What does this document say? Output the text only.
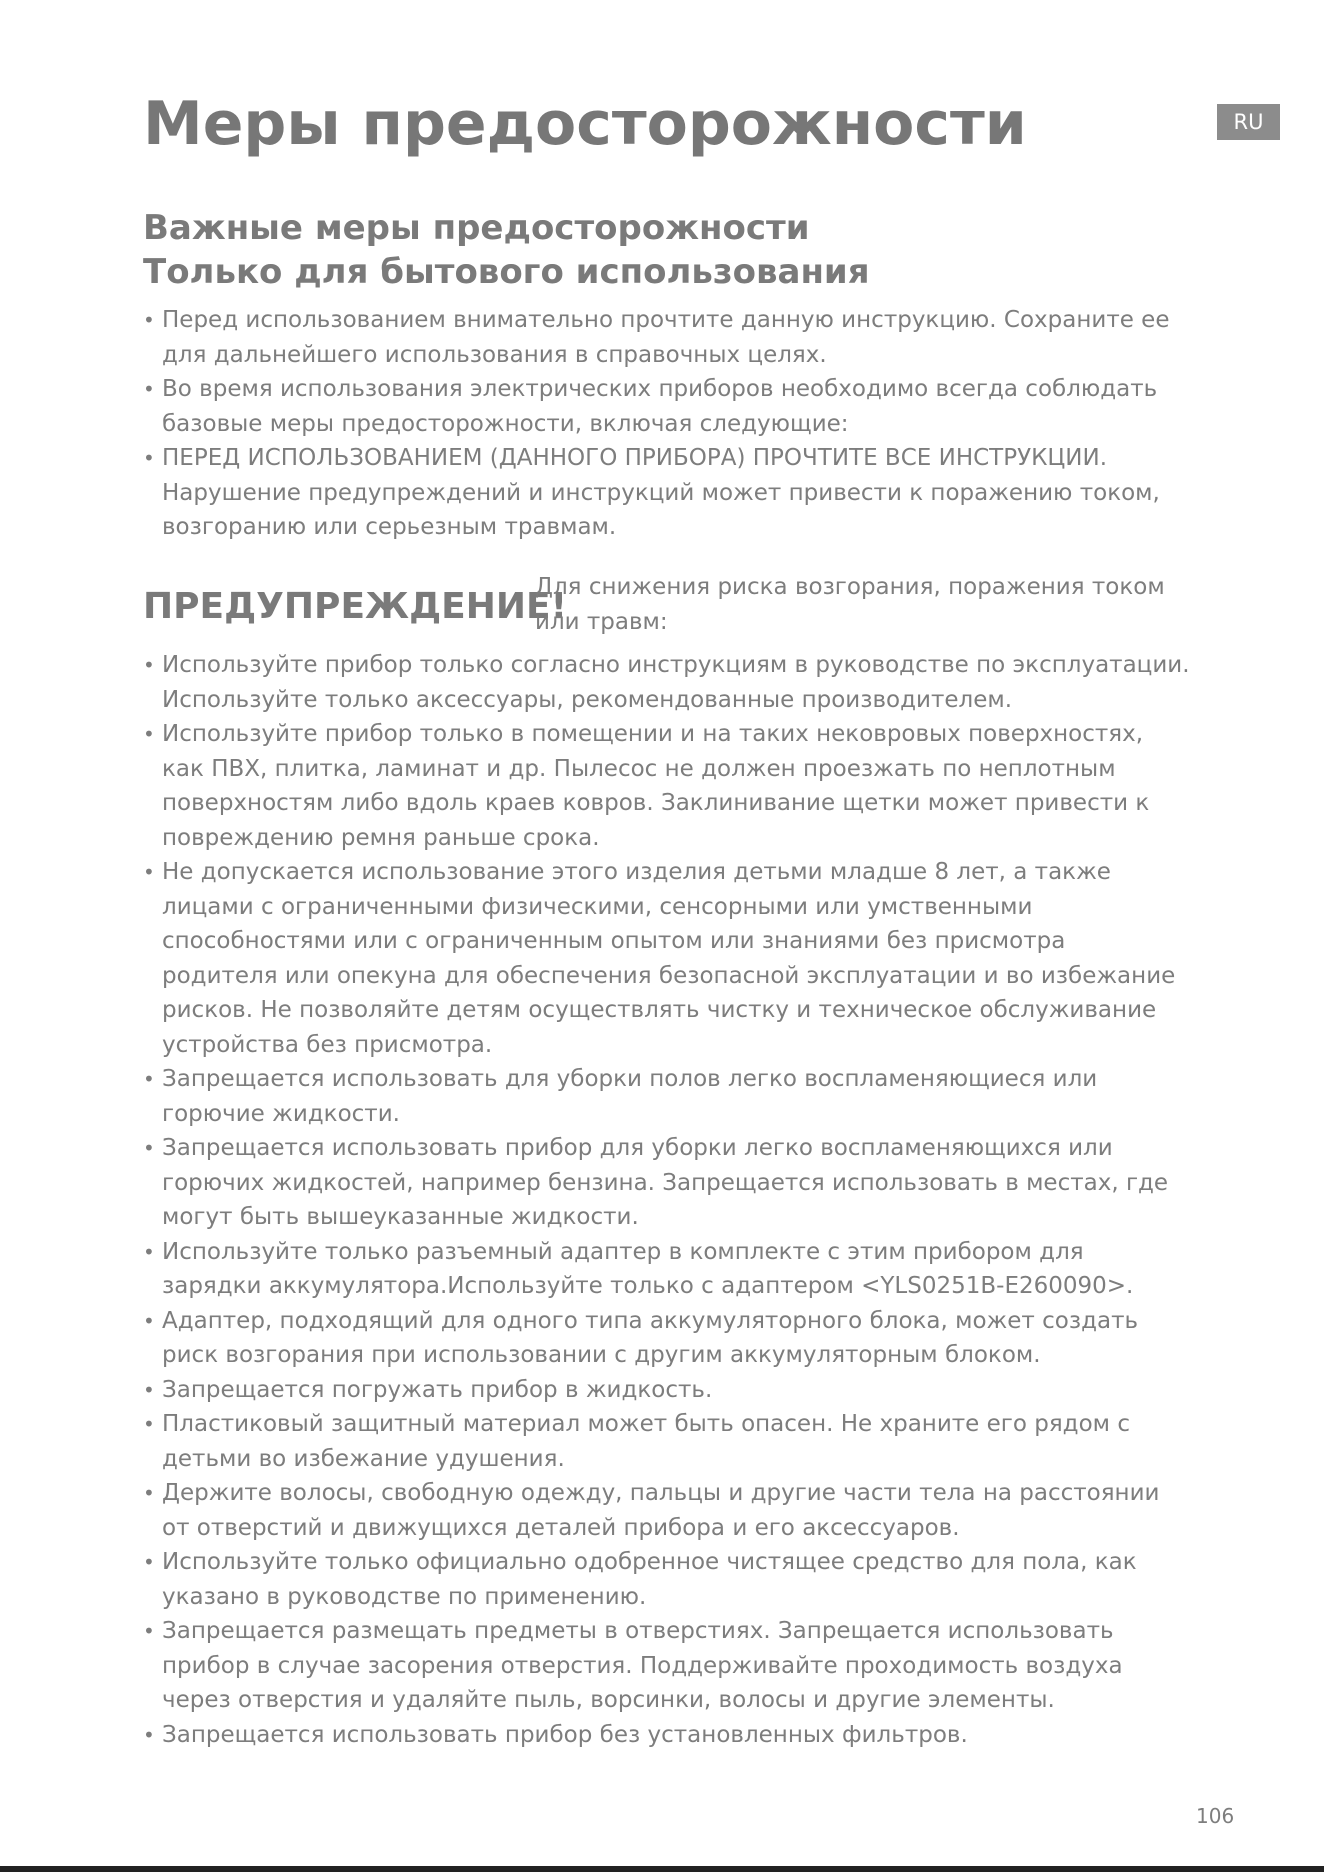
Меры предосторожности	RU
Важные меры предосторожности
Только для бытового использования
• Перед использованием внимательно прочтите данную инструкцию. Сохраните ее
для дальнейшего использования в справочных целях.
• Во время использования электрических приборов необходимо всегда соблюдать
базовые меры предосторожности, включая следующие:
• ПЕРЕД ИСПОЛЬЗОВАНИЕМ (ДАННОГО ПРИБОРА) ПРОЧТИТЕ ВСЕ ИНСТРУКЦИИ.
Нарушение предупреждений и инструкций может привести к поражению током,
возгоранию или серьезным травмам.
ПРЕДУПРЕЖДЕНИЕ!
Для снижения риска возгорания, поражения током
или травм:
• Используйте прибор только согласно инструкциям в руководстве по эксплуатации.
Используйте только аксессуары, рекомендованные производителем.
• Используйте прибор только в помещении и на таких нековровых поверхностях,
как ПВХ, плитка, ламинат и др. Пылесос не должен проезжать по неплотным
поверхностям либо вдоль краев ковров. Заклинивание щетки может привести к
повреждению ремня раньше срока.
• Не допускается использование этого изделия детьми младше 8 лет, а также
лицами с ограниченными физическими, сенсорными или умственными
способностями или с ограниченным опытом или знаниями без присмотра
родителя или опекуна для обеспечения безопасной эксплуатации и во избежание
рисков. Не позволяйте детям осуществлять чистку и техническое обслуживание
устройства без присмотра.
• Запрещается использовать для уборки полов легко воспламеняющиеся или
горючие жидкости.
• Запрещается использовать прибор для уборки легко воспламеняющихся или
горючих жидкостей, например бензина. Запрещается использовать в местах, где
могут быть вышеуказанные жидкости.
• Используйте только разъемный адаптер в комплекте с этим прибором для
зарядки аккумулятора.Используйте только с адаптером <YLS0251B-E260090>.
• Адаптер, подходящий для одного типа аккумуляторного блока, может создать
риск возгорания при использовании с другим аккумуляторным блоком.
• Запрещается погружать прибор в жидкость.
• Пластиковый защитный материал может быть опасен. Не храните его рядом с
детьми во избежание удушения.
• Держите волосы, свободную одежду, пальцы и другие части тела на расстоянии
от отверстий и движущихся деталей прибора и его аксессуаров.
• Используйте только официально одобренное чистящее средство для пола, как
указано в руководстве по применению.
• Запрещается размещать предметы в отверстиях. Запрещается использовать
прибор в случае засорения отверстия. Поддерживайте проходимость воздуха
через отверстия и удаляйте пыль, ворсинки, волосы и другие элементы.
• Запрещается использовать прибор без установленных фильтров.
106
